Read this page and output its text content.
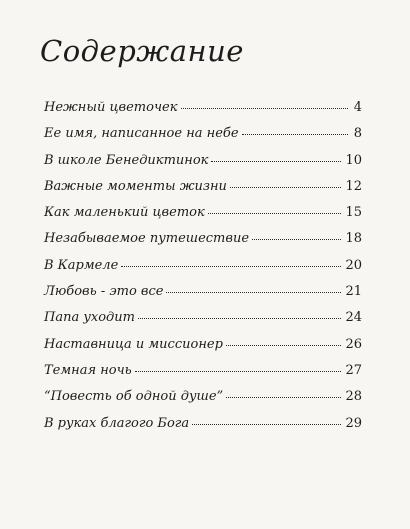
Содержание
Нежный цветочек	4
Ее имя, написанное на небе	8
В школе Бенедиктинок	10
Важные моменты жизни	12
Как маленький цветок	15
Незабываемое путешествие	18
В Кармеле	20
Любовь - это все	21
Папа уходит	24
Наставница и миссионер	26
Темная ночь	27
“Повесть об одной душе”	28
В руках благого Бога	29
